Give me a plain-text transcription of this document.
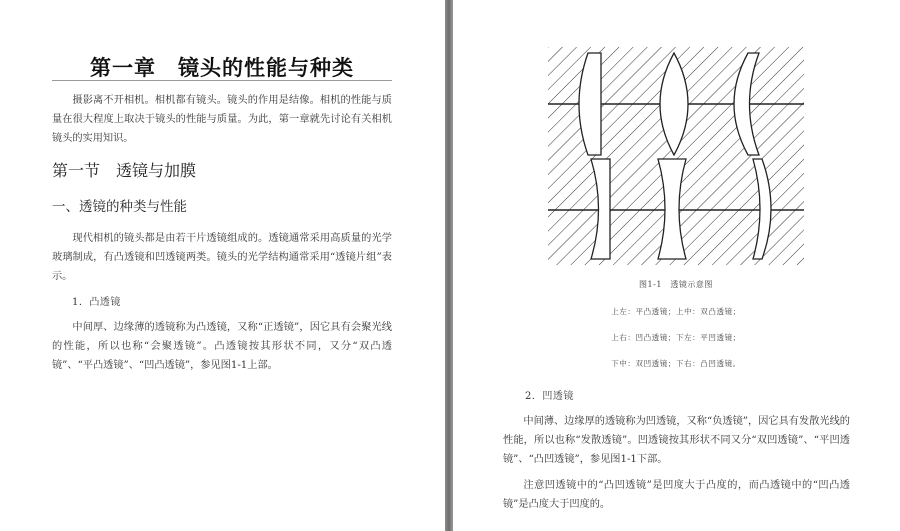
第一章　镜头的性能与种类

摄影离不开相机。相机都有镜头。镜头的作用是结像。相机的性能与质量在很大程度上取决于镜头的性能与质量。为此，第一章就先讨论有关相机镜头的实用知识。

第一节　透镜与加膜
一、透镜的种类与性能

现代相机的镜头都是由若干片透镜组成的。透镜通常采用高质量的光学玻璃制成，有凸透镜和凹透镜两类。镜头的光学结构通常采用“透镜片组”表示。

1．凸透镜

中间厚、边缘薄的透镜称为凸透镜，又称“正透镜”，因它具有会聚光线的性能，所以也称“会聚透镜”。凸透镜按其形状不同，又分“双凸透镜”、“平凸透镜”、“凹凸透镜”，参见图1-1上部。

图1-1　透镜示意图
上左：平凸透镜；上中：双凸透镜；
上右：凹凸透镜；下左：平凹透镜；
下中：双凹透镜；下右：凸凹透镜。
2．凹透镜

中间薄、边缘厚的透镜称为凹透镜，又称“负透镜”，因它具有发散光线的性能，所以也称“发散透镜”。凹透镜按其形状不同又分“双凹透镜”、“平凹透镜”、“凸凹透镜”，参见图1-1下部。

注意凹透镜中的“凸凹透镜”是凹度大于凸度的，而凸透镜中的“凹凸透镜”是凸度大于凹度的。
